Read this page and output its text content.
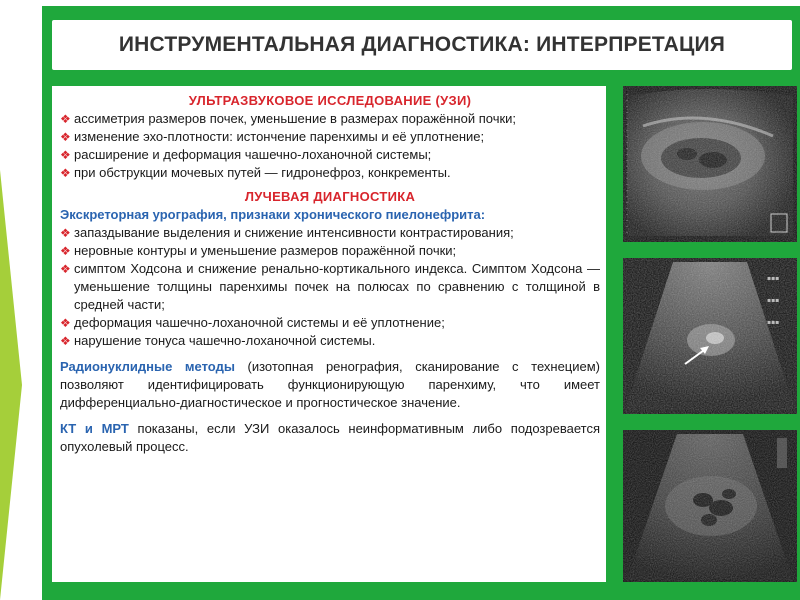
ИНСТРУМЕНТАЛЬНАЯ ДИАГНОСТИКА: ИНТЕРПРЕТАЦИЯ
УЛЬТРАЗВУКОВОЕ ИССЛЕДОВАНИЕ (УЗИ)
❖ ассиметрия размеров почек, уменьшение в размерах поражённой почки;
❖ изменение эхо-плотности: истончение паренхимы и её уплотнение;
❖ расширение и деформация чашечно-лоханочной системы;
❖ при обструкции мочевых путей — гидронефроз, конкременты.
ЛУЧЕВАЯ ДИАГНОСТИКА
Экскреторная урография, признаки хронического пиелонефрита:
❖ запаздывание выделения и снижение интенсивности контрастирования;
❖ неровные контуры и уменьшение размеров поражённой почки;
❖ симптом Ходсона и снижение ренально-кортикального индекса. Симптом Ходсона — уменьшение толщины паренхимы почек на полюсах по сравнению с толщиной в средней части;
❖ деформация чашечно-лоханочной системы и её уплотнение;
❖ нарушение тонуса чашечно-лоханочной системы.
Радионуклидные методы (изотопная ренография, сканирование с технецием) позволяют идентифицировать функционирующую паренхиму, что имеет дифференциально-диагностическое и прогностическое значение.
КТ и МРТ показаны, если УЗИ оказалось неинформативным либо подозревается опухолевый процесс.
▪▪▪
▪▪▪
▪▪▪
